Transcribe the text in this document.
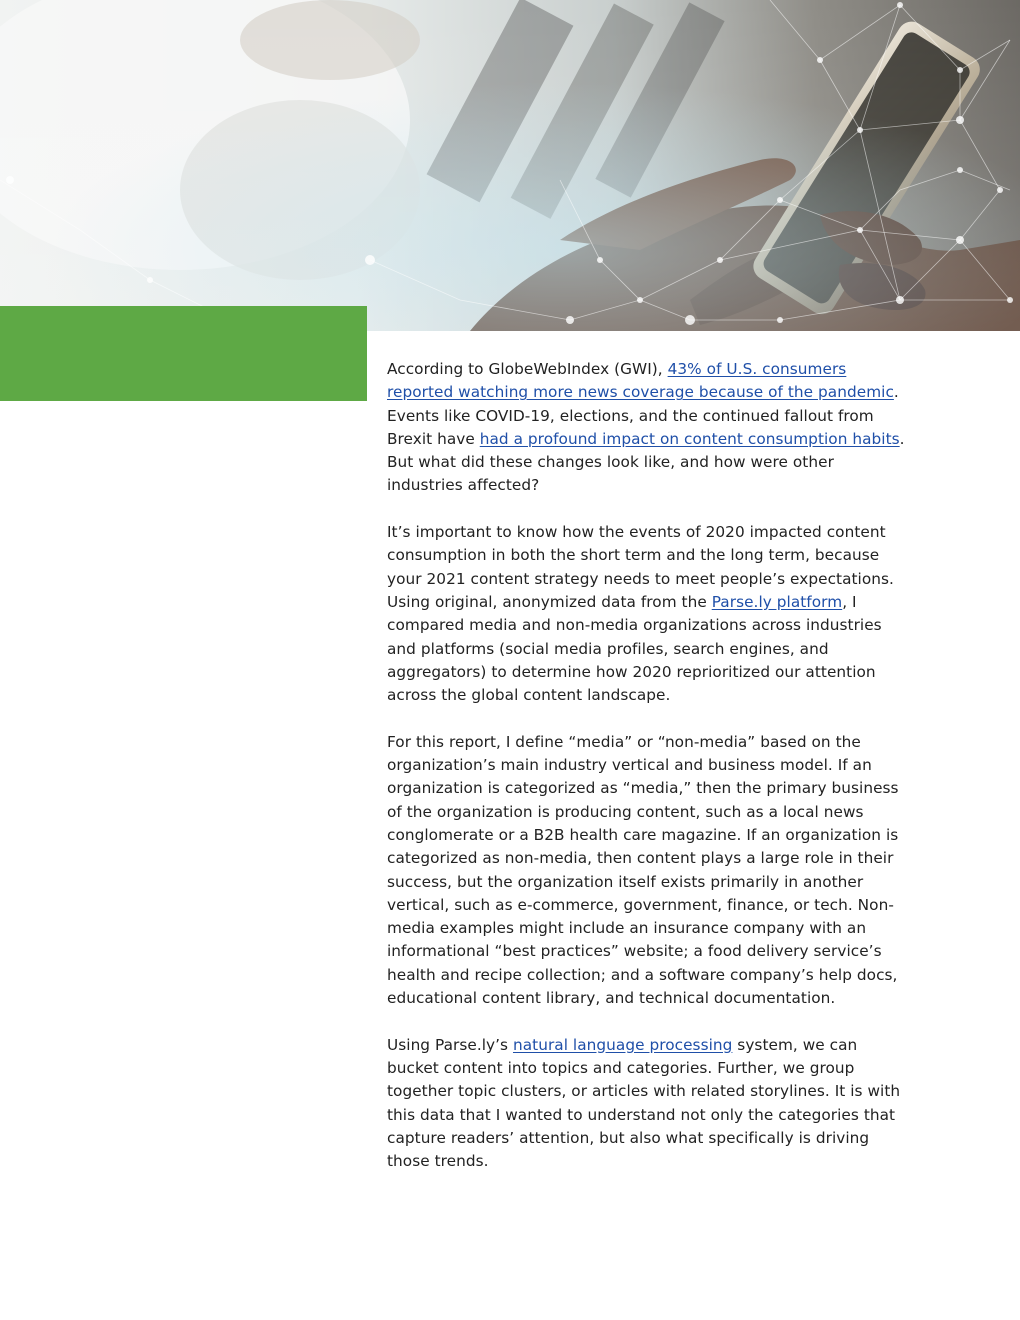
According to GlobeWebIndex (GWI), 43% of U.S. consumers reported watching more news coverage because of the pandemic. Events like COVID-19, elections, and the continued fallout from Brexit have had a profound impact on content consumption habits. But what did these changes look like, and how were other industries affected?

It’s important to know how the events of 2020 impacted content consumption in both the short term and the long term, because your 2021 content strategy needs to meet people’s expectations. Using original, anonymized data from the Parse.ly platform, I compared media and non-media organizations across industries and platforms (social media profiles, search engines, and aggregators) to determine how 2020 reprioritized our attention across the global content landscape.

For this report, I define “media” or “non-media” based on the organization’s main industry vertical and business model. If an organization is categorized as “media,” then the primary business of the organization is producing content, such as a local news conglomerate or a B2B health care magazine. If an organization is categorized as non-media, then content plays a large role in their success, but the organization itself exists primarily in another vertical, such as e-commerce, government, finance, or tech. Non-media examples might include an insurance company with an informational “best practices” website; a food delivery service’s health and recipe collection; and a software company’s help docs, educational content library, and technical documentation.

Using Parse.ly’s natural language processing system, we can bucket content into topics and categories. Further, we group together topic clusters, or articles with related storylines. It is with this data that I wanted to understand not only the categories that capture readers’ attention, but also what specifically is driving those trends.
